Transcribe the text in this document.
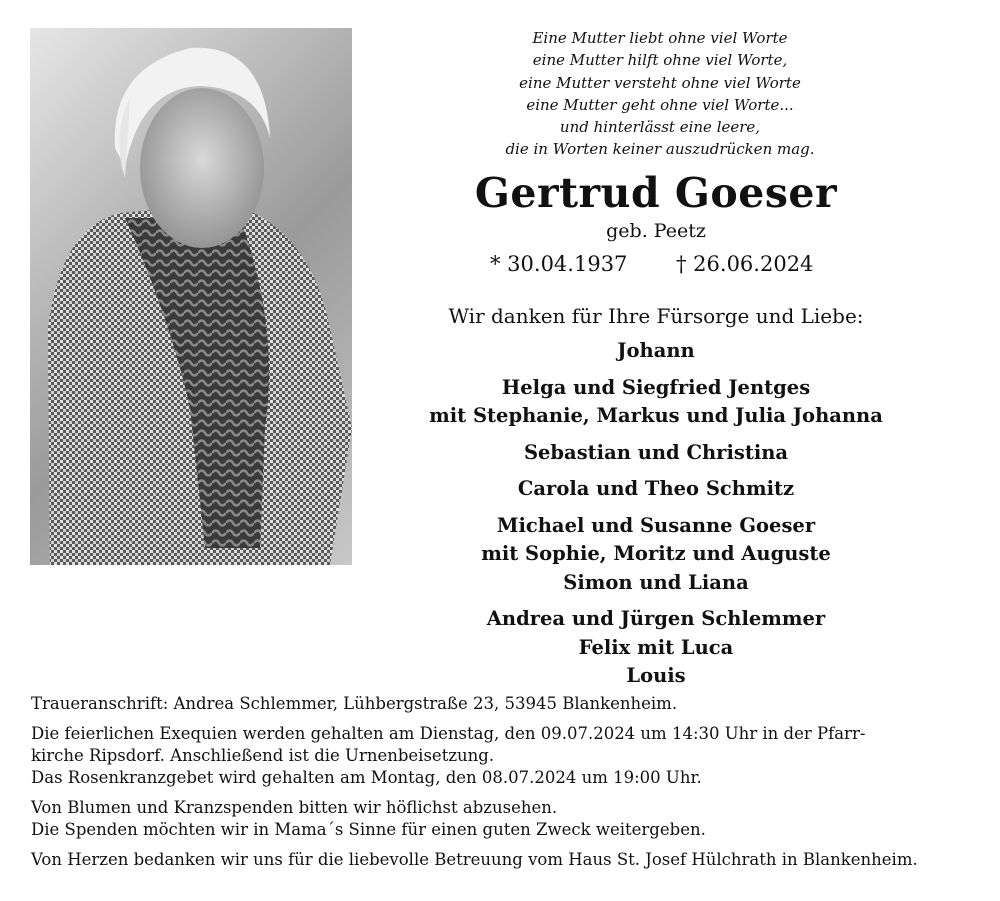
Eine Mutter liebt ohne viel Worte
eine Mutter hilft ohne viel Worte,
eine Mutter versteht ohne viel Worte
eine Mutter geht ohne viel Worte...
und hinterlässt eine leere,
die in Worten keiner auszudrücken mag.
Gertrud Goeser
geb. Peetz
* 30.04.1937 † 26.06.2024
Wir danken für Ihre Fürsorge und Liebe:
Johann
Helga und Siegfried Jentges
mit Stephanie, Markus und Julia Johanna
Sebastian und Christina
Carola und Theo Schmitz
Michael und Susanne Goeser
mit Sophie, Moritz und Auguste
Simon und Liana
Andrea und Jürgen Schlemmer
Felix mit Luca
Louis
Traueranschrift: Andrea Schlemmer, Lühbergstraße 23, 53945 Blankenheim.
Die feierlichen Exequien werden gehalten am Dienstag, den 09.07.2024 um 14:30 Uhr in der Pfarr-
kirche Ripsdorf. Anschließend ist die Urnenbeisetzung.
Das Rosenkranzgebet wird gehalten am Montag, den 08.07.2024 um 19:00 Uhr.
Von Blumen und Kranzspenden bitten wir höflichst abzusehen.
Die Spenden möchten wir in Mama´s Sinne für einen guten Zweck weitergeben.
Von Herzen bedanken wir uns für die liebevolle Betreuung vom Haus St. Josef Hülchrath in Blankenheim.
